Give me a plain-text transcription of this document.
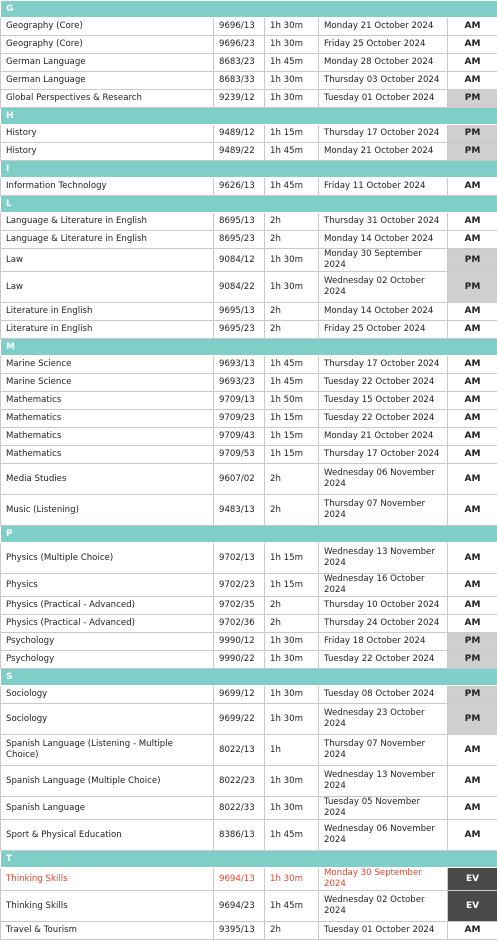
G				
Geography (Core)	9696/13	1h 30m	Monday 21 October 2024	AM
Geography (Core)	9696/23	1h 30m	Friday 25 October 2024	AM
German Language	8683/23	1h 45m	Monday 28 October 2024	AM
German Language	8683/33	1h 30m	Thursday 03 October 2024	AM
Global Perspectives & Research	9239/12	1h 30m	Tuesday 01 October 2024	PM
H				
History	9489/12	1h 15m	Thursday 17 October 2024	PM
History	9489/22	1h 45m	Monday 21 October 2024	PM
I				
Information Technology	9626/13	1h 45m	Friday 11 October 2024	AM
L				
Language & Literature in English	8695/13	2h	Thursday 31 October 2024	AM
Language & Literature in English	8695/23	2h	Monday 14 October 2024	AM
Law	9084/12	1h 30m	Monday 30 September 2024	PM
Law	9084/22	1h 30m	Wednesday 02 October 2024	PM
Literature in English	9695/13	2h	Monday 14 October 2024	AM
Literature in English	9695/23	2h	Friday 25 October 2024	AM
M				
Marine Science	9693/13	1h 45m	Thursday 17 October 2024	AM
Marine Science	9693/23	1h 45m	Tuesday 22 October 2024	AM
Mathematics	9709/13	1h 50m	Tuesday 15 October 2024	AM
Mathematics	9709/23	1h 15m	Tuesday 22 October 2024	AM
Mathematics	9709/43	1h 15m	Monday 21 October 2024	AM
Mathematics	9709/53	1h 15m	Thursday 17 October 2024	AM
Media Studies	9607/02	2h	Wednesday 06 November 2024	AM
Music (Listening)	9483/13	2h	Thursday 07 November 2024	AM
P				
Physics (Multiple Choice)	9702/13	1h 15m	Wednesday 13 November 2024	AM
Physics	9702/23	1h 15m	Wednesday 16 October 2024	AM
Physics (Practical - Advanced)	9702/35	2h	Thursday 10 October 2024	AM
Physics (Practical - Advanced)	9702/36	2h	Thursday 24 October 2024	AM
Psychology	9990/12	1h 30m	Friday 18 October 2024	PM
Psychology	9990/22	1h 30m	Tuesday 22 October 2024	PM
S				
Sociology	9699/12	1h 30m	Tuesday 08 October 2024	PM
Sociology	9699/22	1h 30m	Wednesday 23 October 2024	PM
Spanish Language (Listening - Multiple Choice)	8022/13	1h	Thursday 07 November 2024	AM
Spanish Language (Multiple Choice)	8022/23	1h 30m	Wednesday 13 November 2024	AM
Spanish Language	8022/33	1h 30m	Tuesday 05 November 2024	AM
Sport & Physical Education	8386/13	1h 45m	Wednesday 06 November 2024	AM
T				
Thinking Skills	9694/13	1h 30m	Monday 30 September 2024	EV
Thinking Skills	9694/23	1h 45m	Wednesday 02 October 2024	EV
Travel & Tourism	9395/13	2h	Tuesday 01 October 2024	AM
